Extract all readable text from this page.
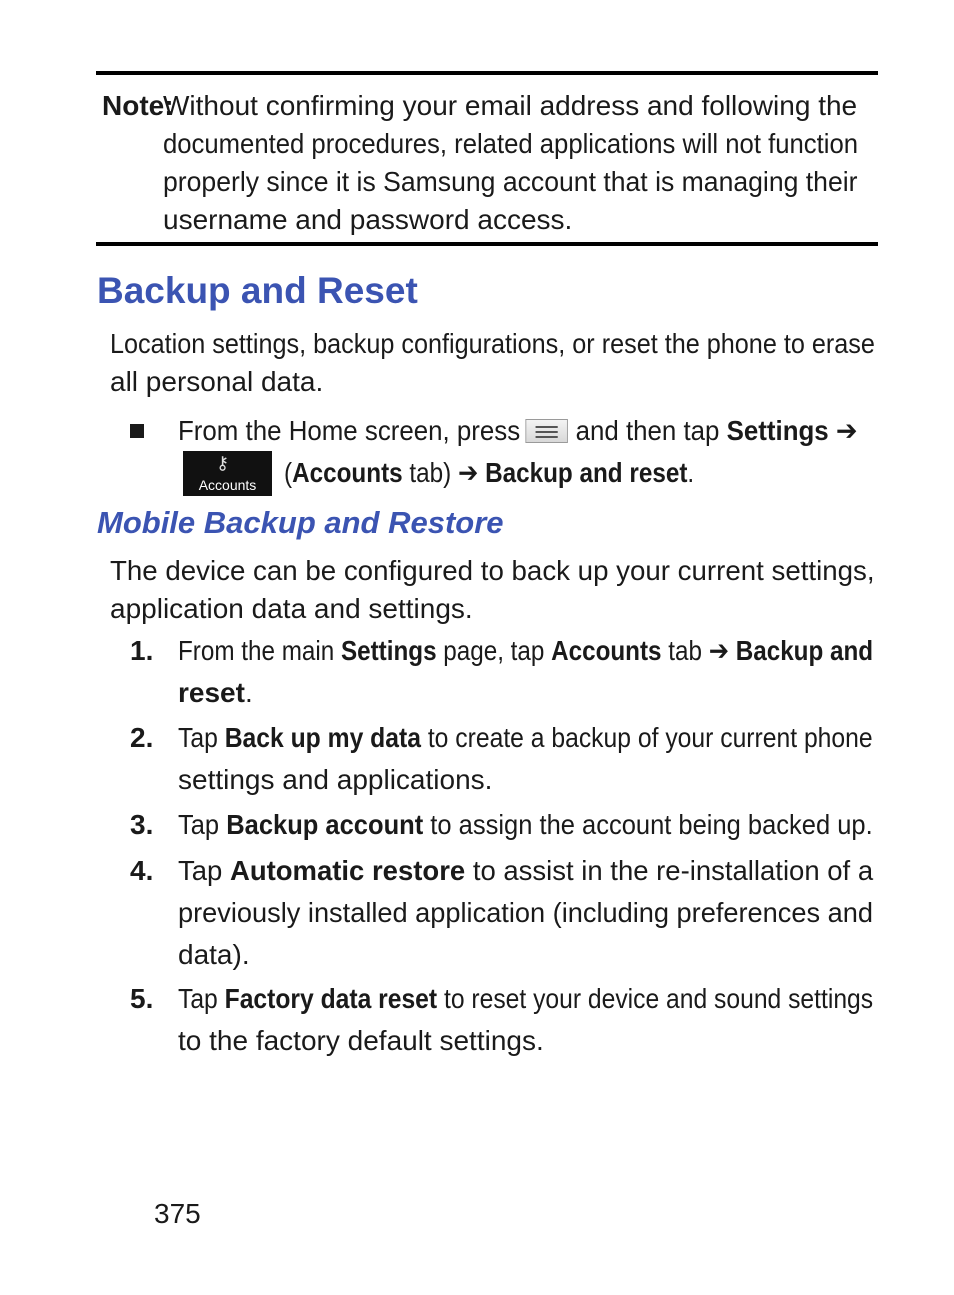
Note:
Without confirming your email address and following the
documented procedures, related applications will not function
properly since it is Samsung account that is managing their
username and password access.
Backup and Reset
Location settings, backup configurations, or reset the phone to erase
all personal data.
From the Home screen, press and then tap Settings ➔
⚷
Accounts (Accounts tab) ➔ Backup and reset.
Mobile Backup and Restore
The device can be configured to back up your current settings,
application data and settings.
1. From the main Settings page, tap Accounts tab ➔ Backup and
reset.
2. Tap Back up my data to create a backup of your current phone
settings and applications.
3. Tap Backup account to assign the account being backed up.
4. Tap Automatic restore to assist in the re-installation of a
previously installed application (including preferences and
data).
5. Tap Factory data reset to reset your device and sound settings
to the factory default settings.
375
